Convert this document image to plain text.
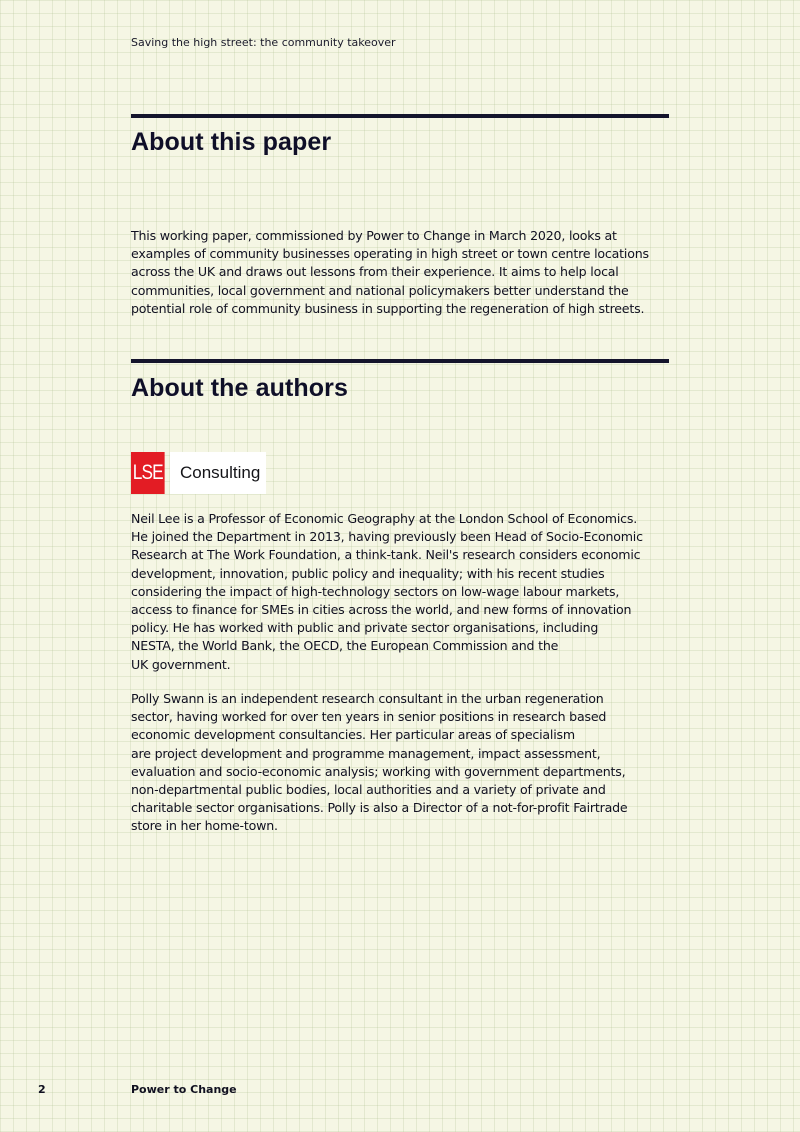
Saving the high street: the community takeover
About this paper

This working paper, commissioned by Power to Change in March 2020, looks at
examples of community businesses operating in high street or town centre locations
across the UK and draws out lessons from their experience. It aims to help local
communities, local government and national policymakers better understand the
potential role of community business in supporting the regeneration of high streets.

About the authors
LSE	Consulting

Neil Lee is a Professor of Economic Geography at the London School of Economics.
He joined the Department in 2013, having previously been Head of Socio-Economic
Research at The Work Foundation, a think-tank. Neil's research considers economic
development, innovation, public policy and inequality; with his recent studies
considering the impact of high-technology sectors on low-wage labour markets,
access to finance for SMEs in cities across the world, and new forms of innovation
policy. He has worked with public and private sector organisations, including
NESTA, the World Bank, the OECD, the European Commission and the
UK government.

Polly Swann is an independent research consultant in the urban regeneration
sector, having worked for over ten years in senior positions in research based
economic development consultancies. Her particular areas of specialism
are project development and programme management, impact assessment,
evaluation and socio-economic analysis; working with government departments,
non-departmental public bodies, local authorities and a variety of private and
charitable sector organisations. Polly is also a Director of a not-for-profit Fairtrade
store in her home-town.

2	Power to Change
